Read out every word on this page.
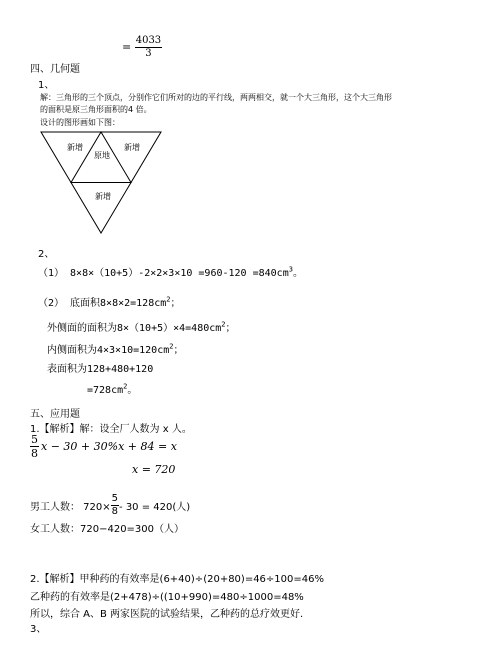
= $\frac{4033}{3}$
四、几何题
1、
解：三角形的三个顶点，分别作它们所对的边的平行线，两两相交，就一个大三角形，这个大三角形
的面积是原三角形面积的4 倍。
设计的图形画如下图：
新增
原地
新增
新增
2、
（1） $8\times 8\times(10+5)-2\times 2\times 3\times 10 =960-120 =840cm^3$。
（2） 底面积$8\times 8\times 2=128cm^2$；
外侧面的面积为$8\times(10+5)\times 4=480cm^2$；
内侧面积为$4\times 3\times 10=120cm^2$；
表面积为128+480+120
$=728cm^2$。
五、应用题
1.【解析】解：设全厂人数为 x 人。
$\frac{5}{8}$ x − 30 + 30%x + 84 = x
x = 720
男工人数： $720\times \frac{5}{8} - 30 = 420$(人)
女工人数：720−420=300（人）
2.【解析】甲种药的有效率是(6+40)÷(20+80)=46÷100=46%
乙种药的有效率是(2+478)÷((10+990)=480÷1000=48%
所以，综合 A、B 两家医院的试验结果，乙种药的总疗效更好.
3、
